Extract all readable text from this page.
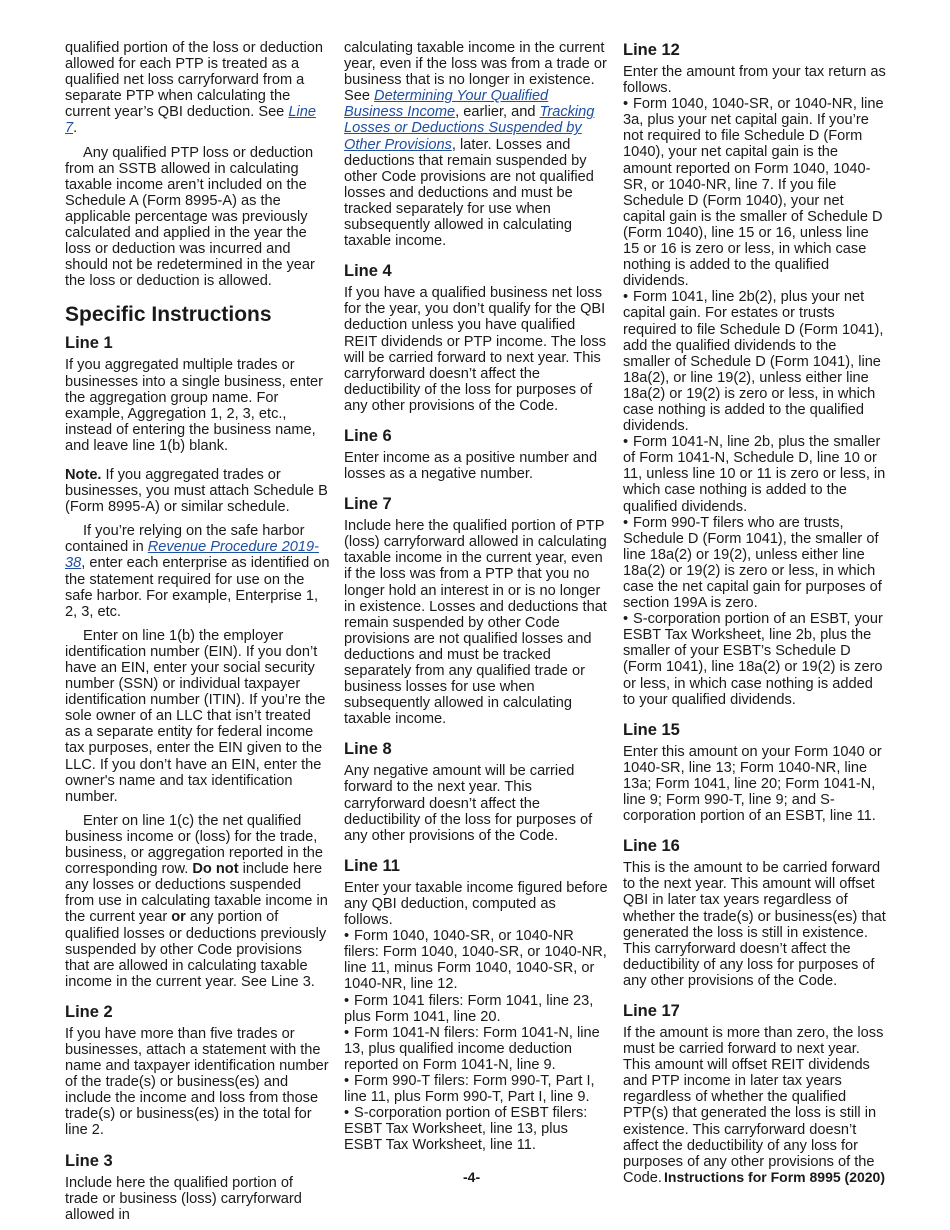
qualified portion of the loss or deduction allowed for each PTP is treated as a qualified net loss carryforward from a separate PTP when calculating the current year’s QBI deduction. See Line 7.

Any qualified PTP loss or deduction from an SSTB allowed in calculating taxable income aren’t included on the Schedule A (Form 8995-A) as the applicable percentage was previously calculated and applied in the year the loss or deduction was incurred and should not be redetermined in the year the loss or deduction is allowed.

Specific Instructions
Line 1

If you aggregated multiple trades or businesses into a single business, enter the aggregation group name. For example, Aggregation 1, 2, 3, etc., instead of entering the business name, and leave line 1(b) blank.

Note. If you aggregated trades or businesses, you must attach Schedule B (Form 8995-A) or similar schedule.

If you’re relying on the safe harbor contained in Revenue Procedure 2019-38, enter each enterprise as identified on the statement required for use on the safe harbor. For example, Enterprise 1, 2, 3, etc.

Enter on line 1(b) the employer identification number (EIN). If you don’t have an EIN, enter your social security number (SSN) or individual taxpayer identification number (ITIN). If you’re the sole owner of an LLC that isn’t treated as a separate entity for federal income tax purposes, enter the EIN given to the LLC. If you don’t have an EIN, enter the owner's name and tax identification number.

Enter on line 1(c) the net qualified business income or (loss) for the trade, business, or aggregation reported in the corresponding row. Do not include here any losses or deductions suspended from use in calculating taxable income in the current year or any portion of qualified losses or deductions previously suspended by other Code provisions that are allowed in calculating taxable income in the current year. See Line 3.

Line 2

If you have more than five trades or businesses, attach a statement with the name and taxpayer identification number of the trade(s) or business(es) and include the income and loss from those trade(s) or business(es) in the total for line 2.

Line 3

Include here the qualified portion of trade or business (loss) carryforward allowed in

calculating taxable income in the current year, even if the loss was from a trade or business that is no longer in existence. See Determining Your Qualified Business Income, earlier, and Tracking Losses or Deductions Suspended by Other Provisions, later. Losses and deductions that remain suspended by other Code provisions are not qualified losses and deductions and must be tracked separately for use when subsequently allowed in calculating taxable income.

Line 4

If you have a qualified business net loss for the year, you don’t qualify for the QBI deduction unless you have qualified REIT dividends or PTP income. The loss will be carried forward to next year. This carryforward doesn’t affect the deductibility of the loss for purposes of any other provisions of the Code.

Line 6

Enter income as a positive number and losses as a negative number.

Line 7

Include here the qualified portion of PTP (loss) carryforward allowed in calculating taxable income in the current year, even if the loss was from a PTP that you no longer hold an interest in or is no longer in existence. Losses and deductions that remain suspended by other Code provisions are not qualified losses and deductions and must be tracked separately from any qualified trade or business losses for use when subsequently allowed in calculating taxable income.

Line 8

Any negative amount will be carried forward to the next year. This carryforward doesn’t affect the deductibility of the loss for purposes of any other provisions of the Code.

Line 11

Enter your taxable income figured before any QBI deduction, computed as follows.

• Form 1040, 1040-SR, or 1040-NR filers: Form 1040, 1040-SR, or 1040-NR, line 11, minus Form 1040, 1040-SR, or 1040-NR, line 12.

• Form 1041 filers: Form 1041, line 23, plus Form 1041, line 20.

• Form 1041-N filers: Form 1041-N, line 13, plus qualified income deduction reported on Form 1041-N, line 9.

• Form 990-T filers: Form 990-T, Part I, line 11, plus Form 990-T, Part I, line 9.

• S-corporation portion of ESBT filers: ESBT Tax Worksheet, line 13, plus ESBT Tax Worksheet, line 11.

Line 12

Enter the amount from your tax return as follows.

• Form 1040, 1040-SR, or 1040-NR, line 3a, plus your net capital gain. If you’re not required to file Schedule D (Form 1040), your net capital gain is the amount reported on Form 1040, 1040-SR, or 1040-NR, line 7. If you file Schedule D (Form 1040), your net capital gain is the smaller of Schedule D (Form 1040), line 15 or 16, unless line 15 or 16 is zero or less, in which case nothing is added to the qualified dividends.

• Form 1041, line 2b(2), plus your net capital gain. For estates or trusts required to file Schedule D (Form 1041), add the qualified dividends to the smaller of Schedule D (Form 1041), line 18a(2), or line 19(2), unless either line 18a(2) or 19(2) is zero or less, in which case nothing is added to the qualified dividends.

• Form 1041-N, line 2b, plus the smaller of Form 1041-N, Schedule D, line 10 or 11, unless line 10 or 11 is zero or less, in which case nothing is added to the qualified dividends.

• Form 990-T filers who are trusts, Schedule D (Form 1041), the smaller of line 18a(2) or 19(2), unless either line 18a(2) or 19(2) is zero or less, in which case the net capital gain for purposes of section 199A is zero.

• S-corporation portion of an ESBT, your ESBT Tax Worksheet, line 2b, plus the smaller of your ESBT’s Schedule D (Form 1041), line 18a(2) or 19(2) is zero or less, in which case nothing is added to your qualified dividends.

Line 15

Enter this amount on your Form 1040 or 1040-SR, line 13; Form 1040-NR, line 13a; Form 1041, line 20; Form 1041-N, line 9; Form 990-T, line 9; and S-corporation portion of an ESBT, line 11.

Line 16

This is the amount to be carried forward to the next year. This amount will offset QBI in later tax years regardless of whether the trade(s) or business(es) that generated the loss is still in existence. This carryforward doesn’t affect the deductibility of any loss for purposes of any other provisions of the Code.

Line 17

If the amount is more than zero, the loss must be carried forward to next year. This amount will offset REIT dividends and PTP income in later tax years regardless of whether the qualified PTP(s) that generated the loss is still in existence. This carryforward doesn’t affect the deductibility of any loss for purposes of any other provisions of the Code.

-4-	Instructions for Form 8995 (2020)
